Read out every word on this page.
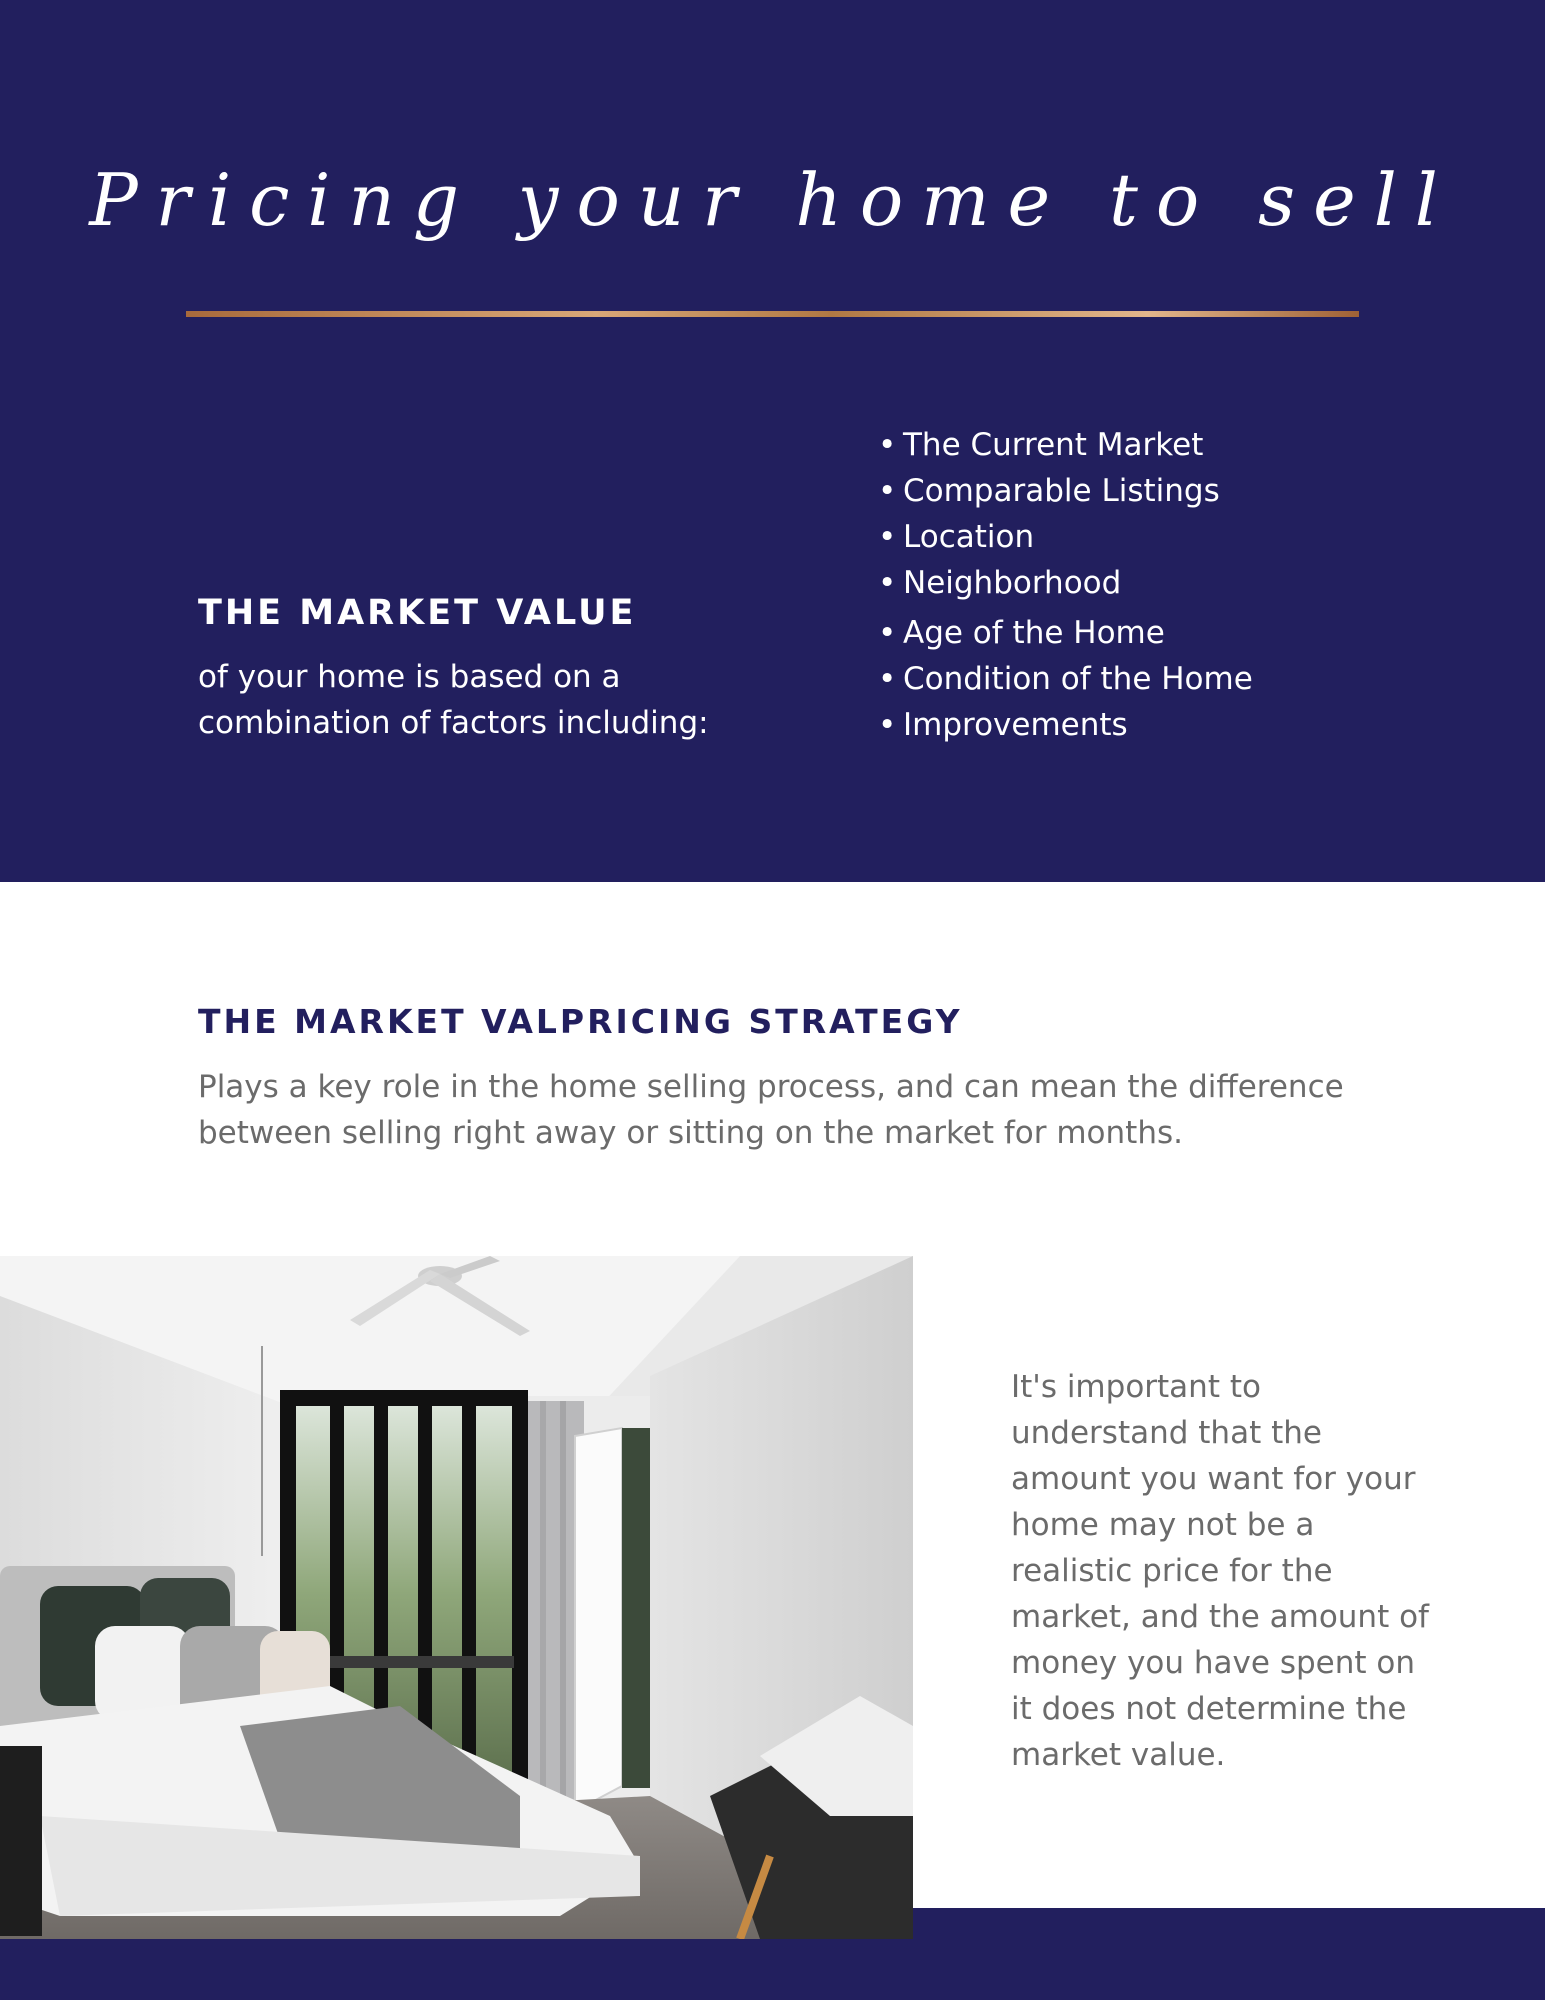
Pricing your home to sell
THE MARKET VALUE

of your home is based on a combination of factors including:

• The Current Market
• Comparable Listings
• Location
• Neighborhood
• Age of the Home
• Condition of the Home
• Improvements
THE MARKET VALPRICING STRATEGY

Plays a key role in the home selling process, and can mean the difference between selling right away or sitting on the market for months.

It's important to understand that the amount you want for your home may not be a realistic price for the market, and the amount of money you have spent on it does not determine the market value.
